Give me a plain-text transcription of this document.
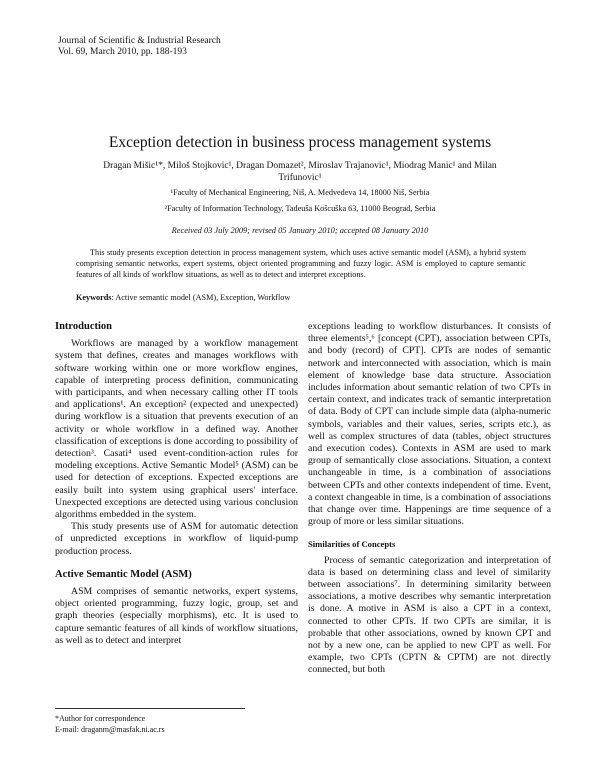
Journal of Scientific & Industrial Research
Vol. 69, March 2010, pp. 188-193
Exception detection in business process management systems
Dragan Mišic¹*, Miloš Stojkovic¹, Dragan Domazet², Miroslav Trajanovic¹, Miodrag Manic¹ and Milan
Trifunovic¹
¹Faculty of Mechanical Engineering, Niš, A. Medvedeva 14, 18000 Niš, Serbia
²Faculty of Information Technology, Tadeuša Košcuška 63, 11000 Beograd, Serbia
Received 03 July 2009; revised 05 January 2010; accepted 08 January 2010

This study presents exception detection in process management system, which uses active semantic model (ASM), a hybrid system comprising semantic networks, expert systems, object oriented programming and fuzzy logic. ASM is employed to capture semantic features of all kinds of workflow situations, as well as to detect and interpret exceptions.

Keywords: Active semantic model (ASM), Exception, Workflow
Introduction

Workflows are managed by a workflow management system that defines, creates and manages workflows with software working within one or more workflow engines, capable of interpreting process definition, communicating with participants, and when necessary calling other IT tools and applications¹. An exception² (expected and unexpected) during workflow is a situation that prevents execution of an activity or whole workflow in a defined way. Another classification of exceptions is done according to possibility of detection³. Casati⁴ used event-condition-action rules for modeling exceptions. Active Semantic Model⁵ (ASM) can be used for detection of exceptions. Expected exceptions are easily built into system using graphical users' interface. Unexpected exceptions are detected using various conclusion algorithms embedded in the system.

This study presents use of ASM for automatic detection of unpredicted exceptions in workflow of liquid-pump production process.

Active Semantic Model (ASM)

ASM comprises of semantic networks, expert systems, object oriented programming, fuzzy logic, group, set and graph theories (especially morphisms), etc. It is used to capture semantic features of all kinds of workflow situations, as well as to detect and interpret

exceptions leading to workflow disturbances. It consists of three elements⁵,⁶ [concept (CPT), association between CPTs, and body (record) of CPT]. CPTs are nodes of semantic network and interconnected with association, which is main element of knowledge base data structure. Association includes information about semantic relation of two CPTs in certain context, and indicates track of semantic interpretation of data. Body of CPT can include simple data (alpha-numeric symbols, variables and their values, series, scripts etc.), as well as complex structures of data (tables, object structures and execution codes). Contexts in ASM are used to mark group of semantically close associations. Situation, a context unchangeable in time, is a combination of associations between CPTs and other contexts independent of time. Event, a context changeable in time, is a combination of associations that change over time. Happenings are time sequence of a group of more or less similar situations.

Similarities of Concepts

Process of semantic categorization and interpretation of data is based on determining class and level of similarity between associations⁷. In determining similarity between associations, a motive describes why semantic interpretation is done. A motive in ASM is also a CPT in a context, connected to other CPTs. If two CPTs are similar, it is probable that other associations, owned by known CPT and not by a new one, can be applied to new CPT as well. For example, two CPTs (CPTN & CPTM) are not directly connected, but both

*Author for correspondence
E-mail: draganm@masfak.ni.ac.rs
